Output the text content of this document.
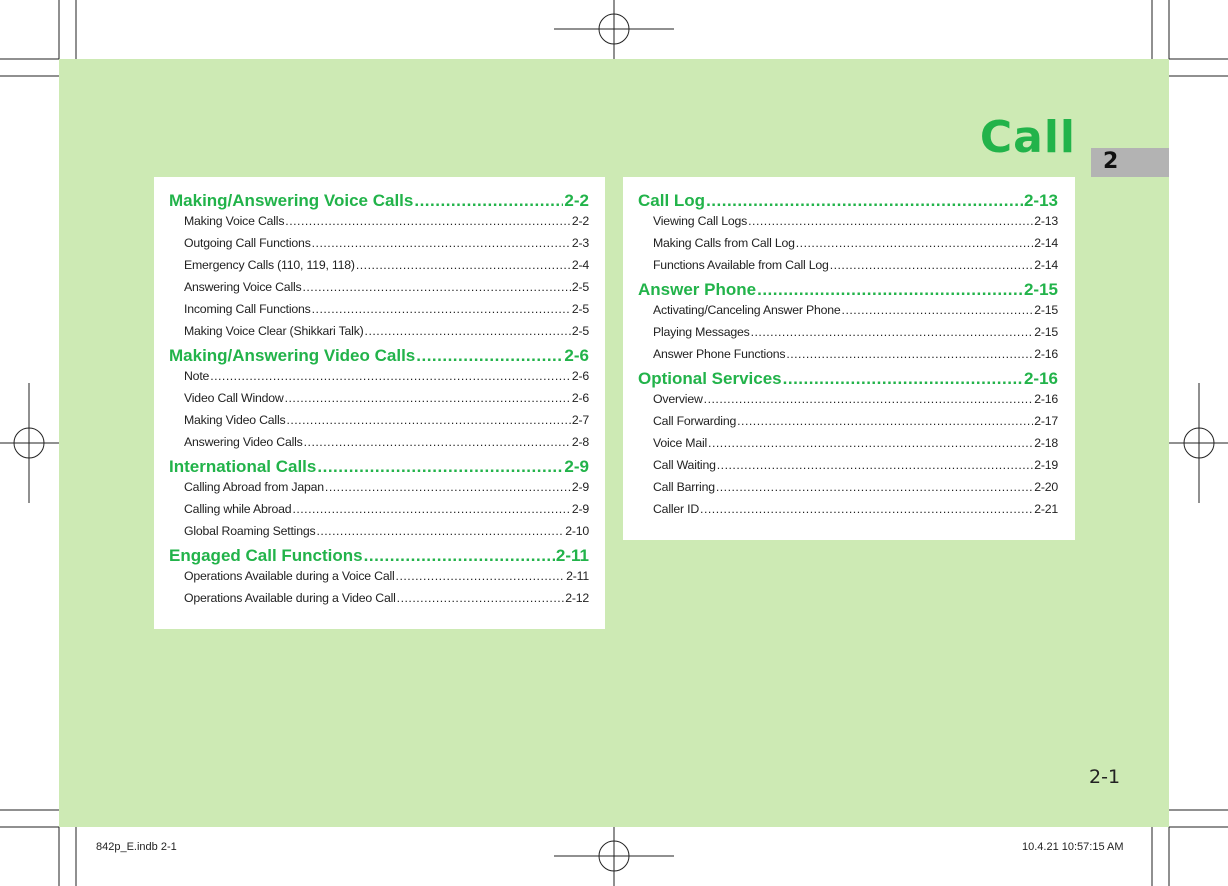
Call 2
Making/Answering Voice Calls .....	2-2
Making Voice Calls .....	2-2
Outgoing Call Functions .....	2-3
Emergency Calls (110, 119, 118) .....	2-4
Answering Voice Calls .....	2-5
Incoming Call Functions .....	2-5
Making Voice Clear (Shikkari Talk) .....	2-5
Making/Answering Video Calls .....	2-6
Note .....	2-6
Video Call Window .....	2-6
Making Video Calls .....	2-7
Answering Video Calls .....	2-8
International Calls .....	2-9
Calling Abroad from Japan .....	2-9
Calling while Abroad .....	2-9
Global Roaming Settings .....	2-10
Engaged Call Functions .....	2-11
Operations Available during a Voice Call .....	2-11
Operations Available during a Video Call .....	2-12
Call Log .....	2-13
Viewing Call Logs .....	2-13
Making Calls from Call Log .....	2-14
Functions Available from Call Log .....	2-14
Answer Phone .....	2-15
Activating/Canceling Answer Phone .....	2-15
Playing Messages .....	2-15
Answer Phone Functions .....	2-16
Optional Services .....	2-16
Overview .....	2-16
Call Forwarding .....	2-17
Voice Mail .....	2-18
Call Waiting .....	2-19
Call Barring .....	2-20
Caller ID .....	2-21
2-1
842p_E.indb 2-1	10.4.21 10:57:15 AM
